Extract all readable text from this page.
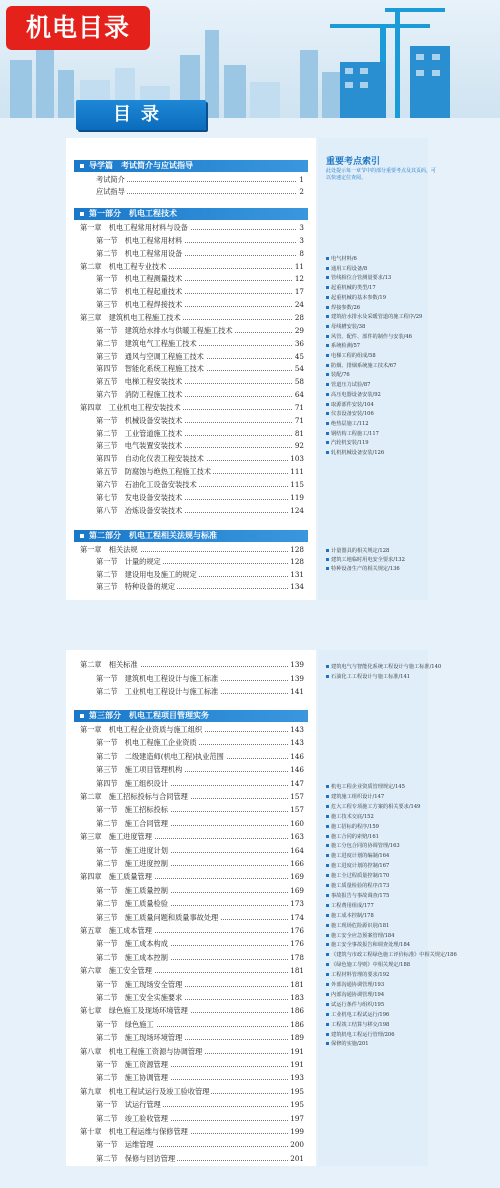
机电目录
目录
重要考点索引
此处提示每一章节中的部分重要考点及其页码，可以快速定位查阅。
导学篇　考试简介与应试指导
第一部分　机电工程技术
第二部分　机电工程相关法规与标准
第三部分　机电工程项目管理实务
考试简介	1
应试指导	2
第一章　机电工程常用材料与设备	3
第一节　机电工程常用材料	3
第二节　机电工程常用设备	8
第二章　机电工程专业技术	11
第一节　机电工程测量技术	12
第二节　机电工程起重技术	17
第三节　机电工程焊接技术	24
第三章　建筑机电工程施工技术	28
第一节　建筑给水排水与供暖工程施工技术	29
第二节　建筑电气工程施工技术	36
第三节　通风与空调工程施工技术	45
第四节　智能化系统工程施工技术	54
第五节　电梯工程安装技术	58
第六节　消防工程施工技术	64
第四章　工业机电工程安装技术	71
第一节　机械设备安装技术	71
第二节　工业管道施工技术	81
第三节　电气装置安装技术	92
第四节　自动化仪表工程安装技术	103
第五节　防腐蚀与绝热工程施工技术	111
第六节　石油化工设备安装技术	115
第七节　发电设备安装技术	119
第八节　冶炼设备安装技术	124
第一章　相关法规	128
第一节　计量的规定	128
第二节　建设用电及施工的规定	131
第三节　特种设备的规定	134
第二章　相关标准	139
第一节　建筑机电工程设计与施工标准	139
第二节　工业机电工程设计与施工标准	141
第一章　机电工程企业资质与施工组织	143
第一节　机电工程施工企业资质	143
第二节　二级建造师(机电工程)执业范围	146
第三节　施工项目管理机构	146
第四节　施工组织设计	147
第二章　施工招标投标与合同管理	157
第一节　施工招标投标	157
第二节　施工合同管理	160
第三章　施工进度管理	163
第一节　施工进度计划	164
第二节　施工进度控制	166
第四章　施工质量管理	169
第一节　施工质量控制	169
第二节　施工质量检验	173
第三节　施工质量问题和质量事故处理	174
第五章　施工成本管理	176
第一节　施工成本构成	176
第二节　施工成本控制	178
第六章　施工安全管理	181
第一节　施工现场安全管理	181
第二节　施工安全实施要求	183
第七章　绿色施工及现场环境管理	186
第一节　绿色施工	186
第二节　施工现场环境管理	189
第八章　机电工程施工资源与协调管理	191
第一节　施工资源管理	191
第二节　施工协调管理	193
第九章　机电工程试运行及竣工验收管理	195
第一节　试运行管理	195
第二节　竣工验收管理	197
第十章　机电工程运维与保修管理	199
第一节　运维管理	200
第二节　保修与回访管理	201
电气材料/6
通用工程设备/8
管线相位合管测量要求/13
起重机械的类型/17
起重机械的基本参数/19
焊接参数/26
建筑给水排水及采暖管道的施工程序/29
母线槽安装/38
风管、配件、部件的制作与安装/46
系统检测/57
电梯工程的组成/58
防烟、排烟系统施工技术/67
装配/76
管道压力试验/87
高压电器设备安装/92
取源部件安装/104
仪表设备安装/106
绝热层施工/112
钢结构工程施工/117
汽轮机安装/119
轧机机械设备安装/126
计量器具的相关规定/128
建筑工地临时用电安全要求/132
特种设备生产的相关规定/136
建筑电气与智能化系统工程设计与施工标准/140
石油化工工程设计与施工标准/141
机电工程企业资质管理规定/145
建筑施工组织设计/147
危大工程专项施工方案的相关要求/149
施工技术交底/152
施工招标的程序/159
施工合同的索赔/161
施工分包合同的协调管理/163
施工进度计划的编制/164
施工进度计划的控制/167
施工全过程质量控制/170
施工质量检验的程序/173
事故报告与事故调查/175
工程费用组成/177
施工成本控制/178
施工现场危险源识别/181
施工安全应急预案管理/184
施工安全事故报告和调查处理/184
《建筑与市政工程绿色施工评价标准》中相关规定/186
《绿色施工导则》中相关规定/188
工程材料管理的要求/192
外部沟通协调管理/193
内部沟通协调管理/194
试运行条件与组织/195
工业机电工程试运行/196
工程竣工结算与移交/198
建筑机电工程运行管理/206
保修的实施/201
